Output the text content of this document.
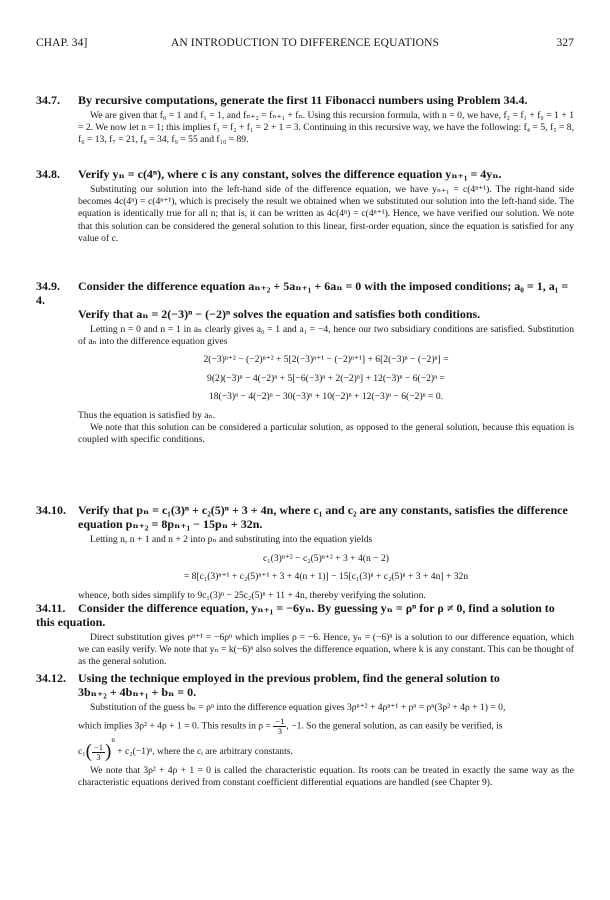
CHAP. 34]	AN INTRODUCTION TO DIFFERENCE EQUATIONS	327
34.7. By recursive computations, generate the first 11 Fibonacci numbers using Problem 34.4.

We are given that f₀ = 1 and f₁ = 1, and fₙ₊₂ = fₙ₊₁ + fₙ. Using this recursion formula, with n = 0, we have, f₂ = f₁ + f₀ = 1 + 1 = 2. We now let n = 1; this implies f₃ = f₂ + f₁ = 2 + 1 = 3. Continuing in this recursive way, we have the following: f₄ = 5, f₅ = 8, f₆ = 13, f₇ = 21, f₈ = 34, f₉ = 55 and f₁₀ = 89.

34.8. Verify yₙ = c(4ⁿ), where c is any constant, solves the difference equation yₙ₊₁ = 4yₙ.

Substituting our solution into the left-hand side of the difference equation, we have yₙ₊₁ = c(4ⁿ⁺¹). The right-hand side becomes 4c(4ⁿ) = c(4ⁿ⁺¹), which is precisely the result we obtained when we substituted our solution into the left-hand side. The equation is identically true for all n; that is, it can be written as 4c(4ⁿ) = c(4ⁿ⁺¹). Hence, we have verified our solution. We note that this solution can be considered the general solution to this linear, first-order equation, since the equation is satisfied for any value of c.

34.9. Consider the difference equation aₙ₊₂ + 5aₙ₊₁ + 6aₙ = 0 with the imposed conditions; a₀ = 1, a₁ = 4.
Verify that aₙ = 2(−3)ⁿ − (−2)ⁿ solves the equation and satisfies both conditions.

Letting n = 0 and n = 1 in aₙ clearly gives a₀ = 1 and a₁ = −4, hence our two subsidiary conditions are satisfied. Substitution of aₙ into the difference equation gives

2(−3)ⁿ⁺² − (−2)ⁿ⁺² + 5[2(−3)ⁿ⁺¹ − (−2)ⁿ⁺¹] + 6[2(−3)ⁿ − (−2)ⁿ] =
9(2)(−3)ⁿ − 4(−2)ⁿ + 5[−6(−3)ⁿ + 2(−2)ⁿ] + 12(−3)ⁿ − 6(−2)ⁿ =
18(−3)ⁿ − 4(−2)ⁿ − 30(−3)ⁿ + 10(−2)ⁿ + 12(−3)ⁿ − 6(−2)ⁿ = 0.
Thus the equation is satisfied by aₙ.

We note that this solution can be considered a particular solution, as opposed to the general solution, because this equation is coupled with specific conditions.

34.10. Verify that pₙ = c₁(3)ⁿ + c₂(5)ⁿ + 3 + 4n, where c₁ and c₂ are any constants, satisfies the difference
equation pₙ₊₂ = 8pₙ₊₁ − 15pₙ + 32n.

Letting n, n + 1 and n + 2 into pₙ and substituting into the equation yields

c₁(3)ⁿ⁺² − c₂(5)ⁿ⁺² + 3 + 4(n − 2)
= 8[c₁(3)ⁿ⁺¹ + c₂(5)ⁿ⁺¹ + 3 + 4(n + 1)] − 15[c₁(3)ⁿ + c₂(5)ⁿ + 3 + 4n] + 32n
whence, both sides simplify to 9c₁(3)ⁿ − 25c₂(5)ⁿ + 11 + 4n, thereby verifying the solution.
34.11. Consider the difference equation, yₙ₊₁ = −6yₙ. By guessing yₙ = ρⁿ for ρ ≠ 0, find a solution to this equation.

Direct substitution gives ρⁿ⁺¹ = −6ρⁿ which implies ρ = −6. Hence, yₙ = (−6)ⁿ is a solution to our difference equation, which we can easily verify. We note that yₙ = k(−6)ⁿ also solves the difference equation, where k is any constant. This can be thought of as the general solution.

34.12. Using the technique employed in the previous problem, find the general solution to
3bₙ₊₂ + 4bₙ₊₁ + bₙ = 0.

Substitution of the guess bₙ = ρⁿ into the difference equation gives 3ρⁿ⁺² + 4ρⁿ⁺¹ + ρⁿ = ρⁿ(3ρ² + 4ρ + 1) = 0,

which implies 3ρ² + 4ρ + 1 = 0. This results in $\rho = \frac{-1}{3}$ , −1. So the general solution, as can easily be verified, is
$c_1( \frac{-1}{3} )^n + c_2(-1)^n$, where the cᵢ are arbitrary constants.

We note that 3ρ² + 4ρ + 1 = 0 is called the characteristic equation. Its roots can be treated in exactly the same way as the characteristic equations derived from constant coefficient differential equations are handled (see Chapter 9).
